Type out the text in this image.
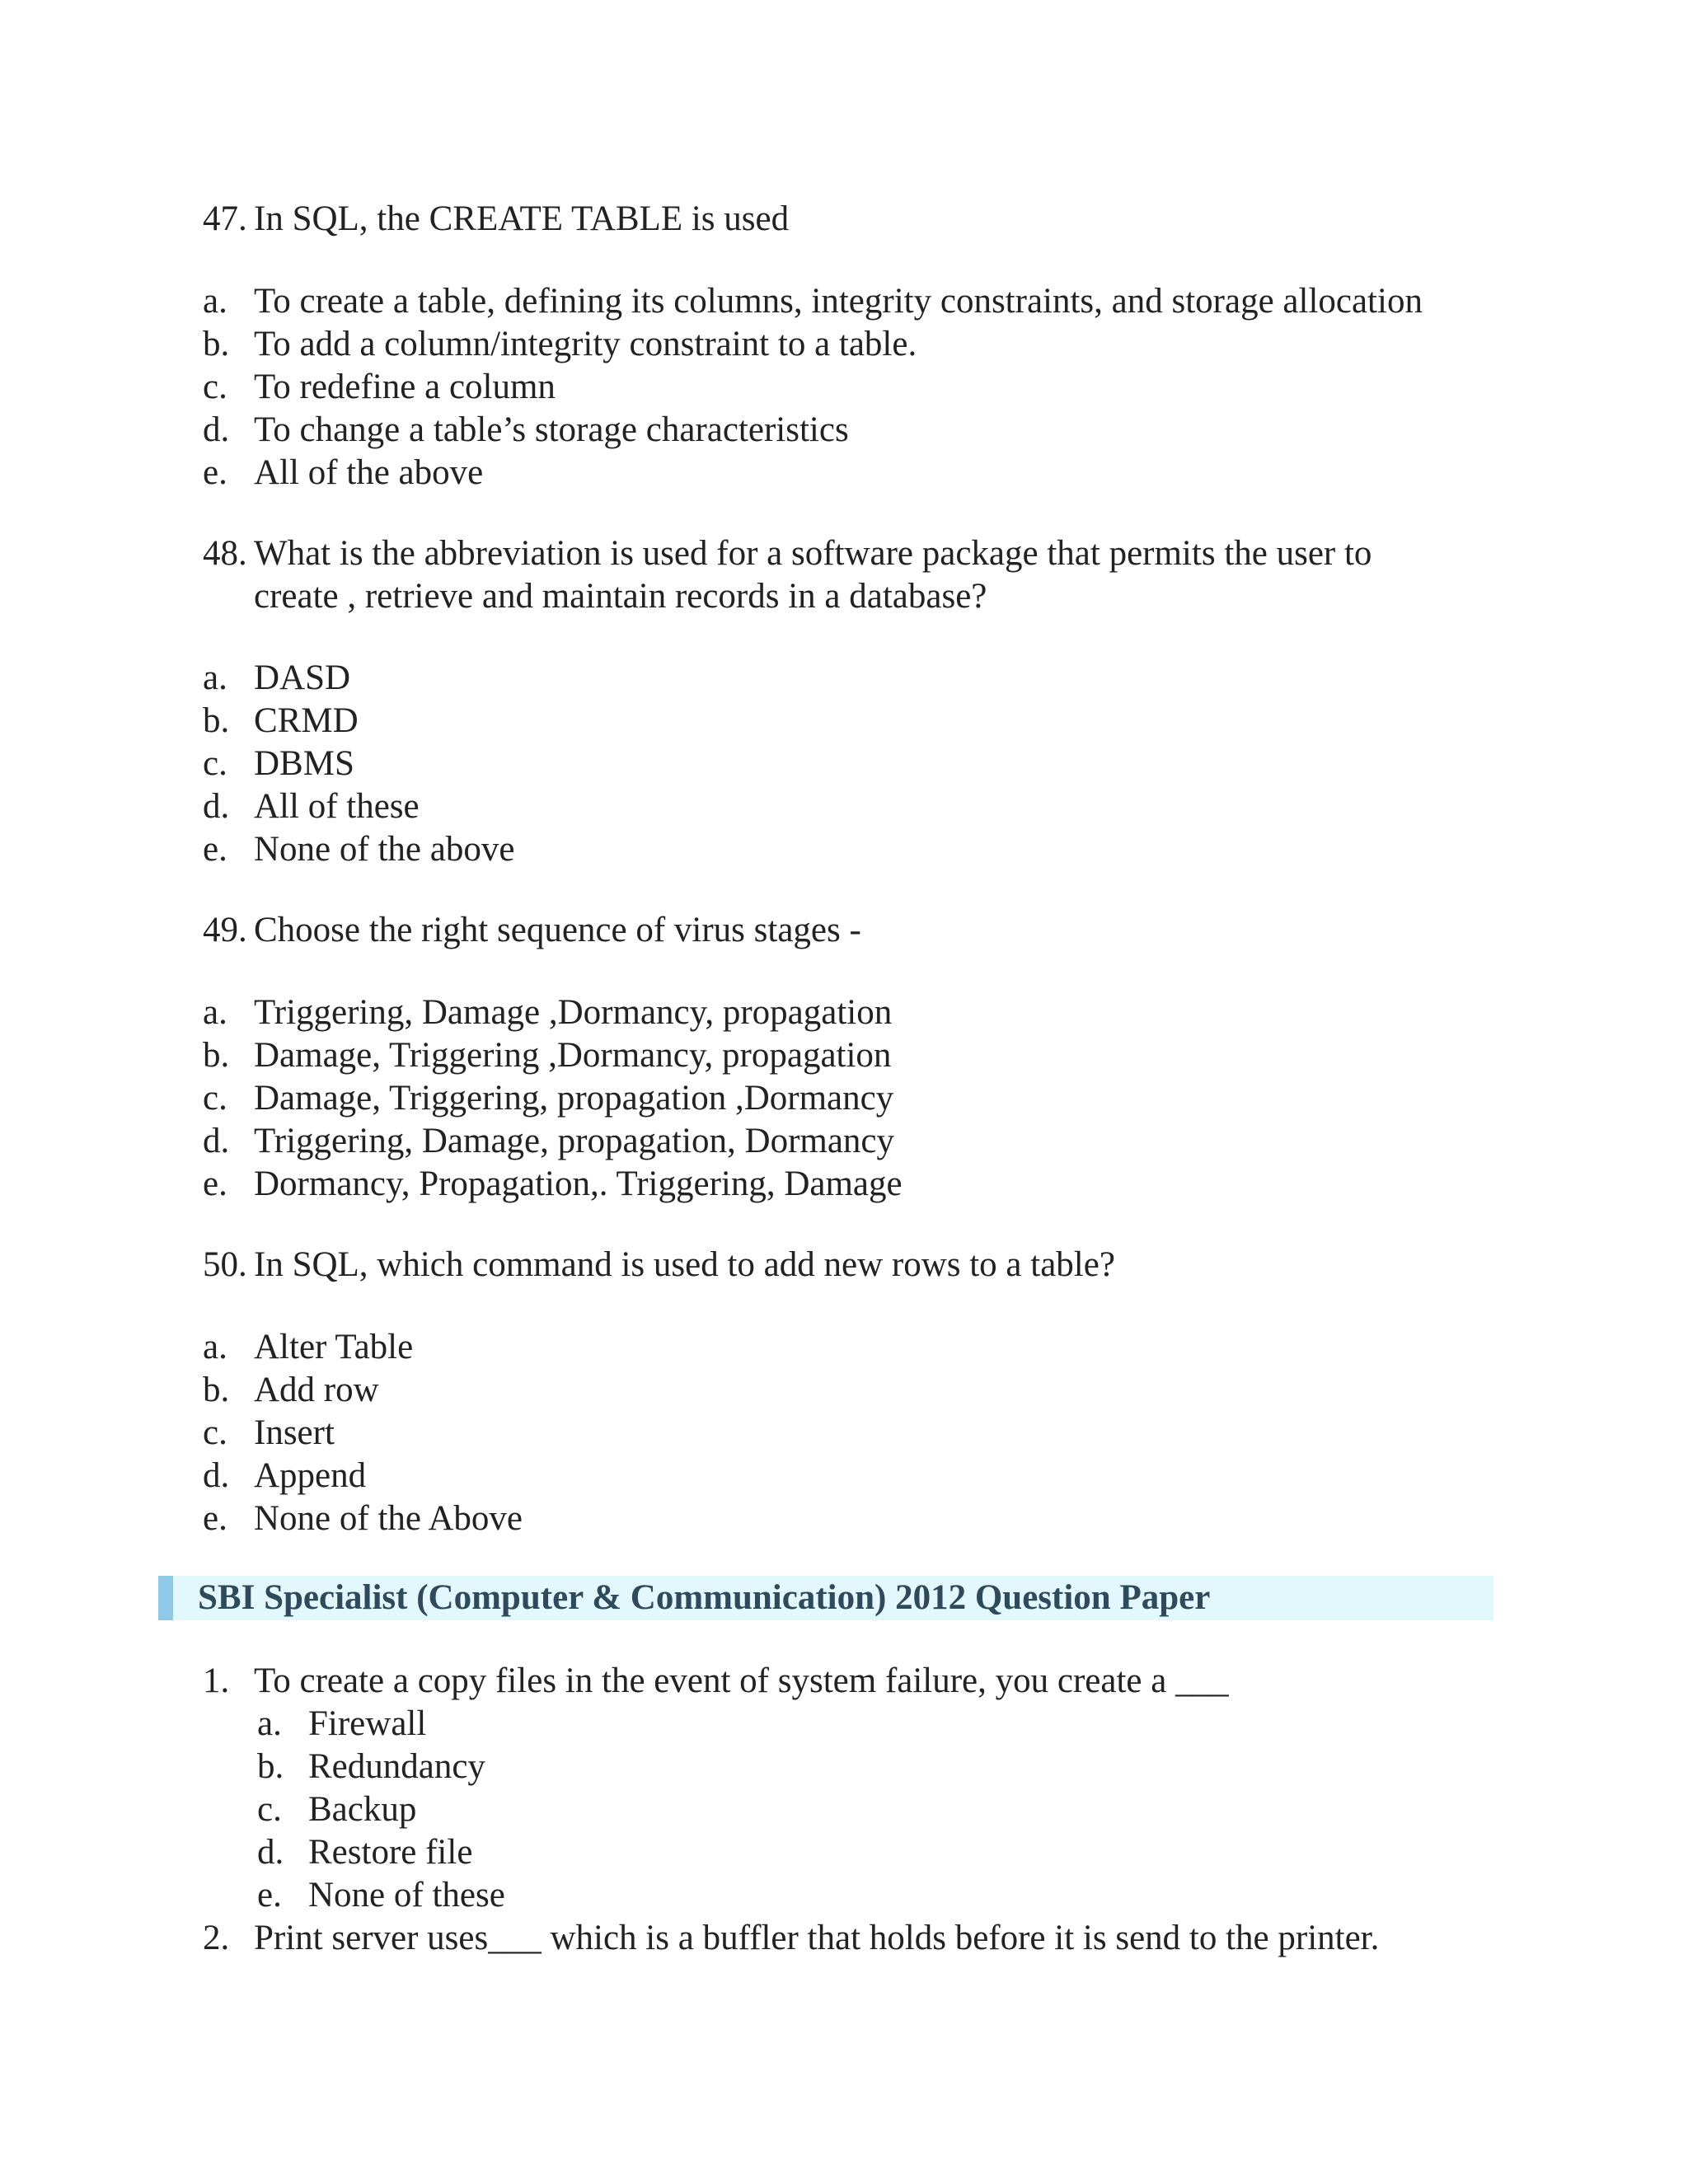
47. In SQL, the CREATE TABLE is used
a. To create a table, defining its columns, integrity constraints, and storage allocation
b. To add a column/integrity constraint to a table.
c. To redefine a column
d. To change a table’s storage characteristics
e. All of the above
48. What is the abbreviation is used for a software package that permits the user to
create , retrieve and maintain records in a database?
a. DASD
b. CRMD
c. DBMS
d. All of these
e. None of the above
49. Choose the right sequence of virus stages -
a. Triggering, Damage ,Dormancy, propagation
b. Damage, Triggering ,Dormancy, propagation
c. Damage, Triggering, propagation ,Dormancy
d. Triggering, Damage, propagation, Dormancy
e. Dormancy, Propagation,. Triggering, Damage
50. In SQL, which command is used to add new rows to a table?
a. Alter Table
b. Add row
c. Insert
d. Append
e. None of the Above
SBI Specialist (Computer & Communication) 2012 Question Paper
1. To create a copy files in the event of system failure, you create a ___
a. Firewall
b. Redundancy
c. Backup
d. Restore file
e. None of these
2. Print server uses___ which is a buffler that holds before it is send to the printer.
